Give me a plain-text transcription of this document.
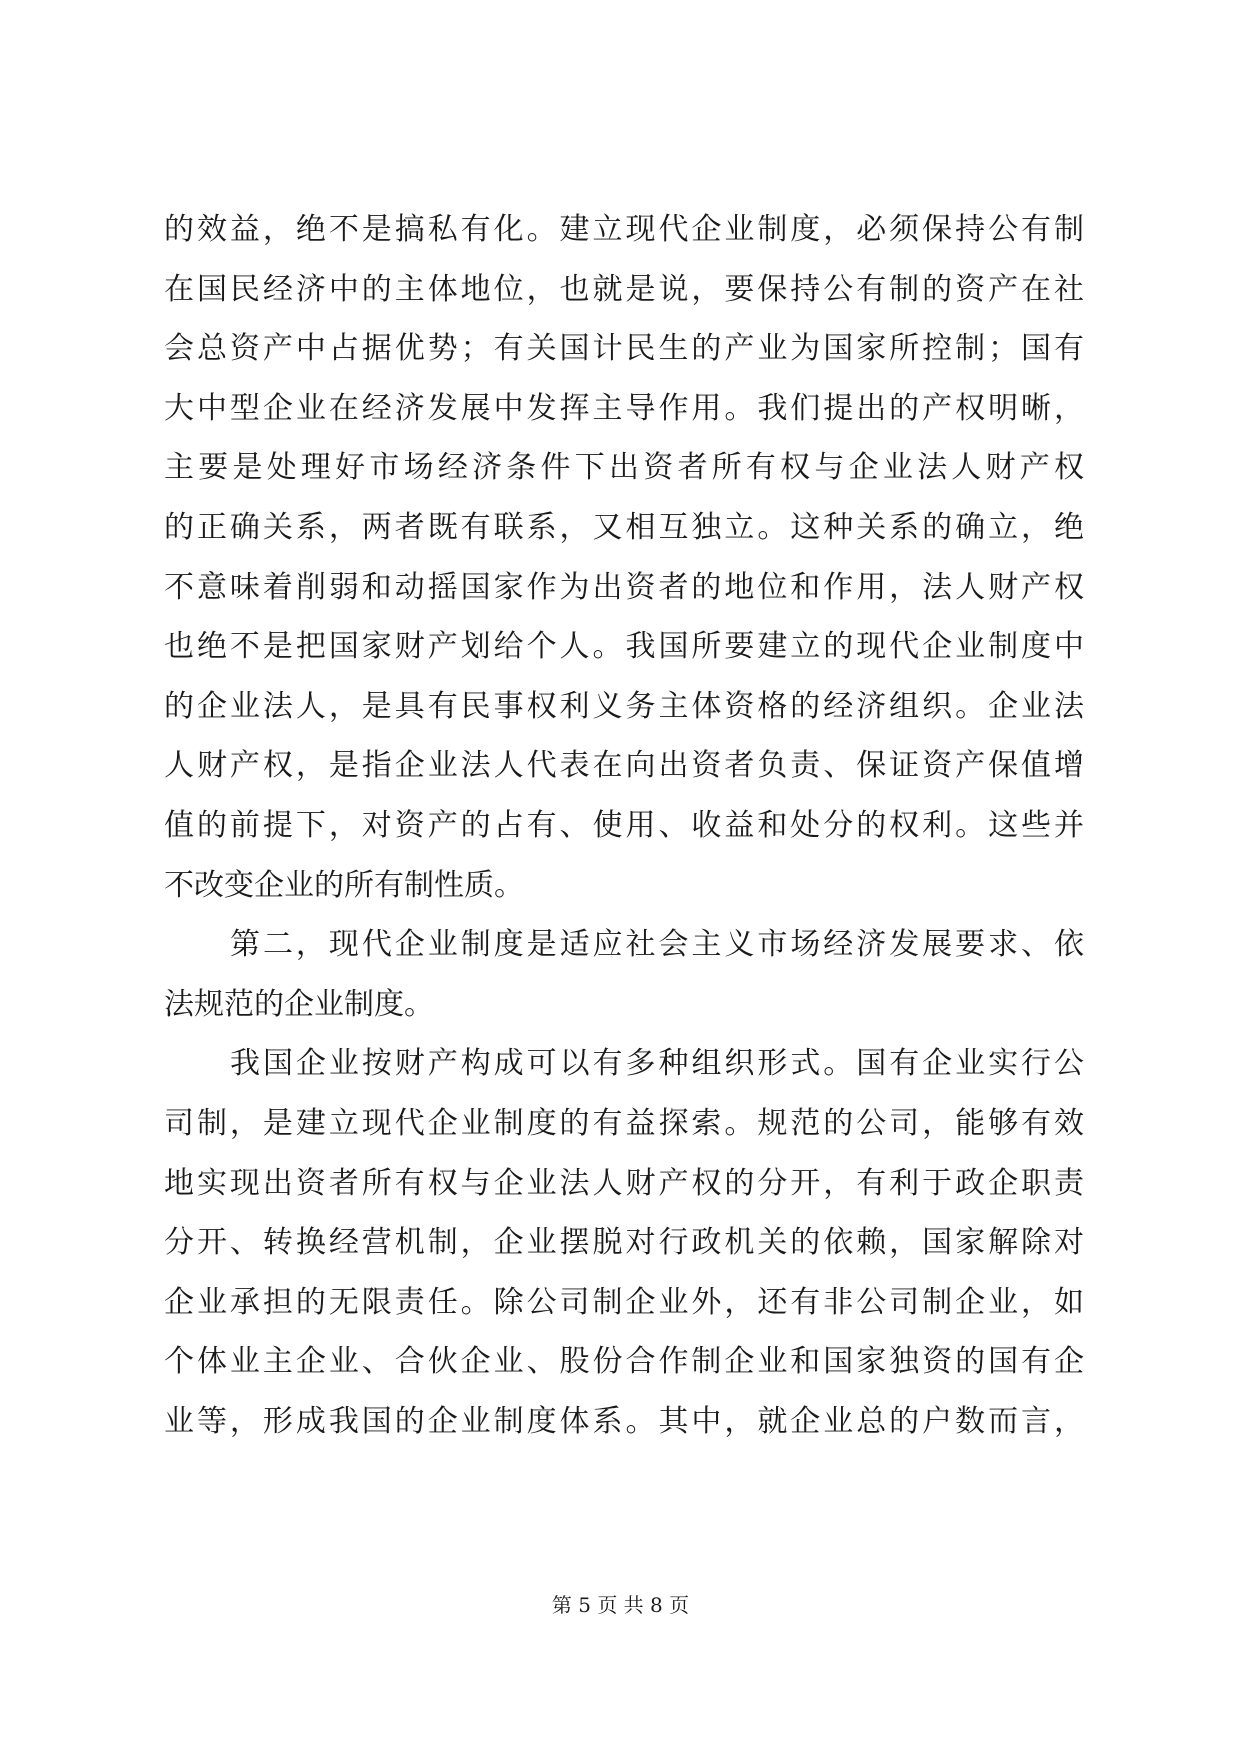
的效益，绝不是搞私有化。建立现代企业制度，必须保持公有制
在国民经济中的主体地位，也就是说，要保持公有制的资产在社
会总资产中占据优势；有关国计民生的产业为国家所控制；国有
大中型企业在经济发展中发挥主导作用。我们提出的产权明晰，
主要是处理好市场经济条件下出资者所有权与企业法人财产权
的正确关系，两者既有联系，又相互独立。这种关系的确立，绝
不意味着削弱和动摇国家作为出资者的地位和作用，法人财产权
也绝不是把国家财产划给个人。我国所要建立的现代企业制度中
的企业法人，是具有民事权利义务主体资格的经济组织。企业法
人财产权，是指企业法人代表在向出资者负责、保证资产保值增
值的前提下，对资产的占有、使用、收益和处分的权利。这些并
不改变企业的所有制性质。
第二，现代企业制度是适应社会主义市场经济发展要求、依
法规范的企业制度。
我国企业按财产构成可以有多种组织形式。国有企业实行公
司制，是建立现代企业制度的有益探索。规范的公司，能够有效
地实现出资者所有权与企业法人财产权的分开，有利于政企职责
分开、转换经营机制，企业摆脱对行政机关的依赖，国家解除对
企业承担的无限责任。除公司制企业外，还有非公司制企业，如
个体业主企业、合伙企业、股份合作制企业和国家独资的国有企
业等，形成我国的企业制度体系。其中，就企业总的户数而言，
第 5 页 共 8 页
